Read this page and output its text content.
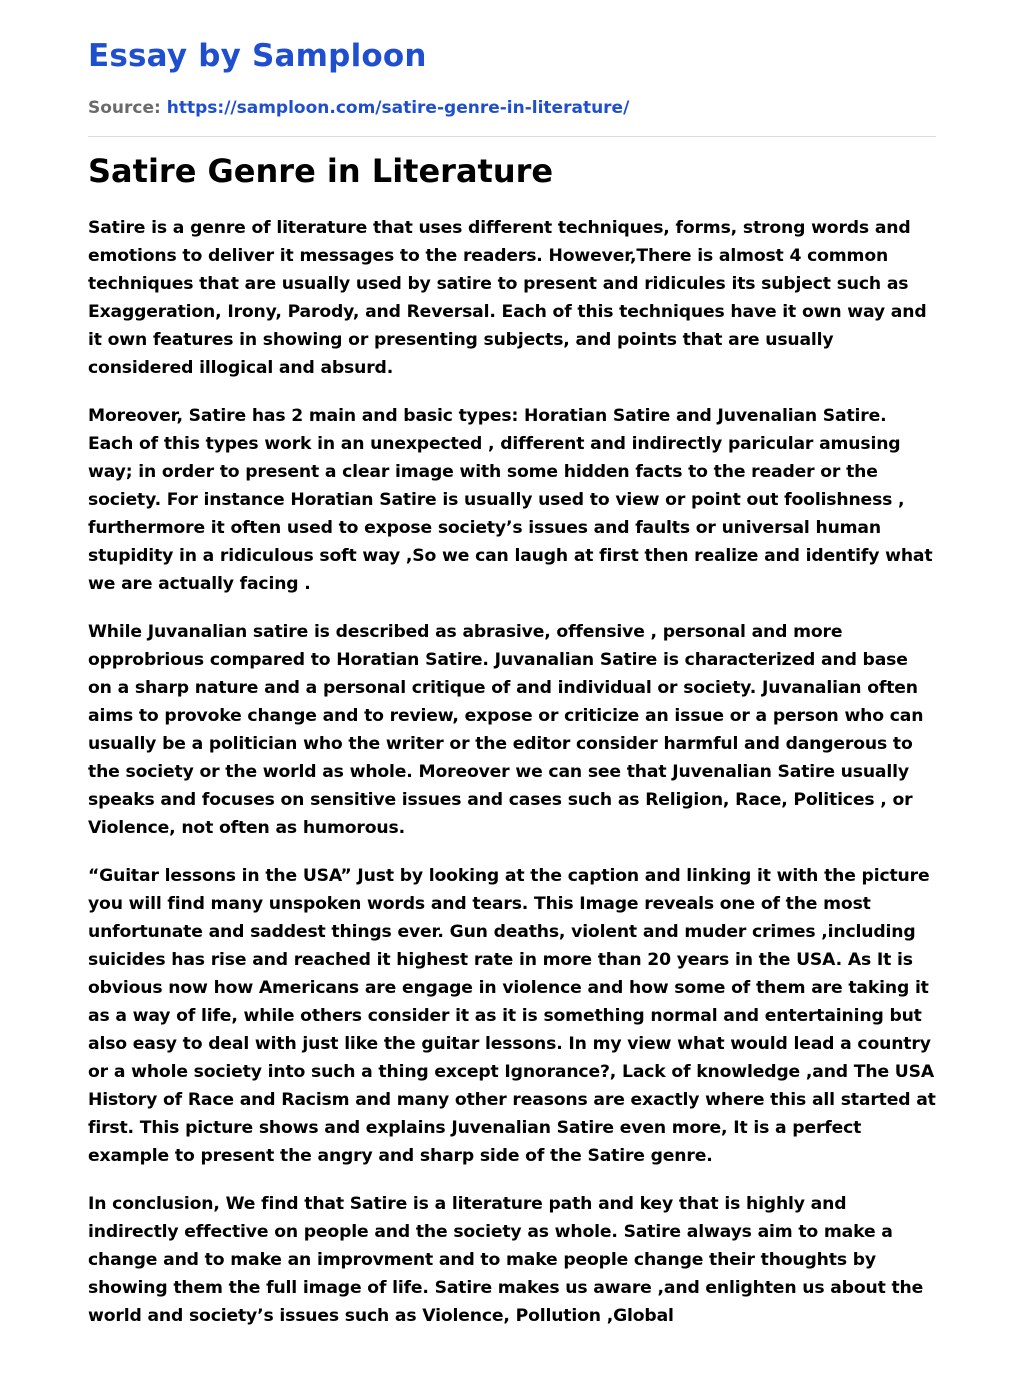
Essay by Samploon
Source: https://samploon.com/satire-genre-in-literature/
Satire Genre in Literature

Satire is a genre of literature that uses different techniques, forms, strong words and emotions to deliver it messages to the readers. However,There is almost 4 common techniques that are usually used by satire to present and ridicules its subject such as Exaggeration, Irony, Parody, and Reversal. Each of this techniques have it own way and it own features in showing or presenting subjects, and points that are usually considered illogical and absurd.

Moreover, Satire has 2 main and basic types: Horatian Satire and Juvenalian Satire. Each of this types work in an unexpected , different and indirectly paricular amusing way; in order to present a clear image with some hidden facts to the reader or the society. For instance Horatian Satire is usually used to view or point out foolishness , furthermore it often used to expose society’s issues and faults or universal human stupidity in a ridiculous soft way ,So we can laugh at first then realize and identify what we are actually facing .

While Juvanalian satire is described as abrasive, offensive , personal and more opprobrious compared to Horatian Satire. Juvanalian Satire is characterized and base on a sharp nature and a personal critique of and individual or society. Juvanalian often aims to provoke change and to review, expose or criticize an issue or a person who can usually be a politician who the writer or the editor consider harmful and dangerous to the society or the world as whole. Moreover we can see that Juvenalian Satire usually speaks and focuses on sensitive issues and cases such as Religion, Race, Politices , or Violence, not often as humorous.

“Guitar lessons in the USA” Just by looking at the caption and linking it with the picture you will find many unspoken words and tears. This Image reveals one of the most unfortunate and saddest things ever. Gun deaths, violent and muder crimes ,including suicides has rise and reached it highest rate in more than 20 years in the USA. As It is obvious now how Americans are engage in violence and how some of them are taking it as a way of life, while others consider it as it is something normal and entertaining but also easy to deal with just like the guitar lessons. In my view what would lead a country or a whole society into such a thing except Ignorance?, Lack of knowledge ,and The USA History of Race and Racism and many other reasons are exactly where this all started at first. This picture shows and explains Juvenalian Satire even more, It is a perfect example to present the angry and sharp side of the Satire genre.

In conclusion, We find that Satire is a literature path and key that is highly and indirectly effective on people and the society as whole. Satire always aim to make a change and to make an improvment and to make people change their thoughts by showing them the full image of life. Satire makes us aware ,and enlighten us about the world and society’s issues such as Violence, Pollution ,Global
